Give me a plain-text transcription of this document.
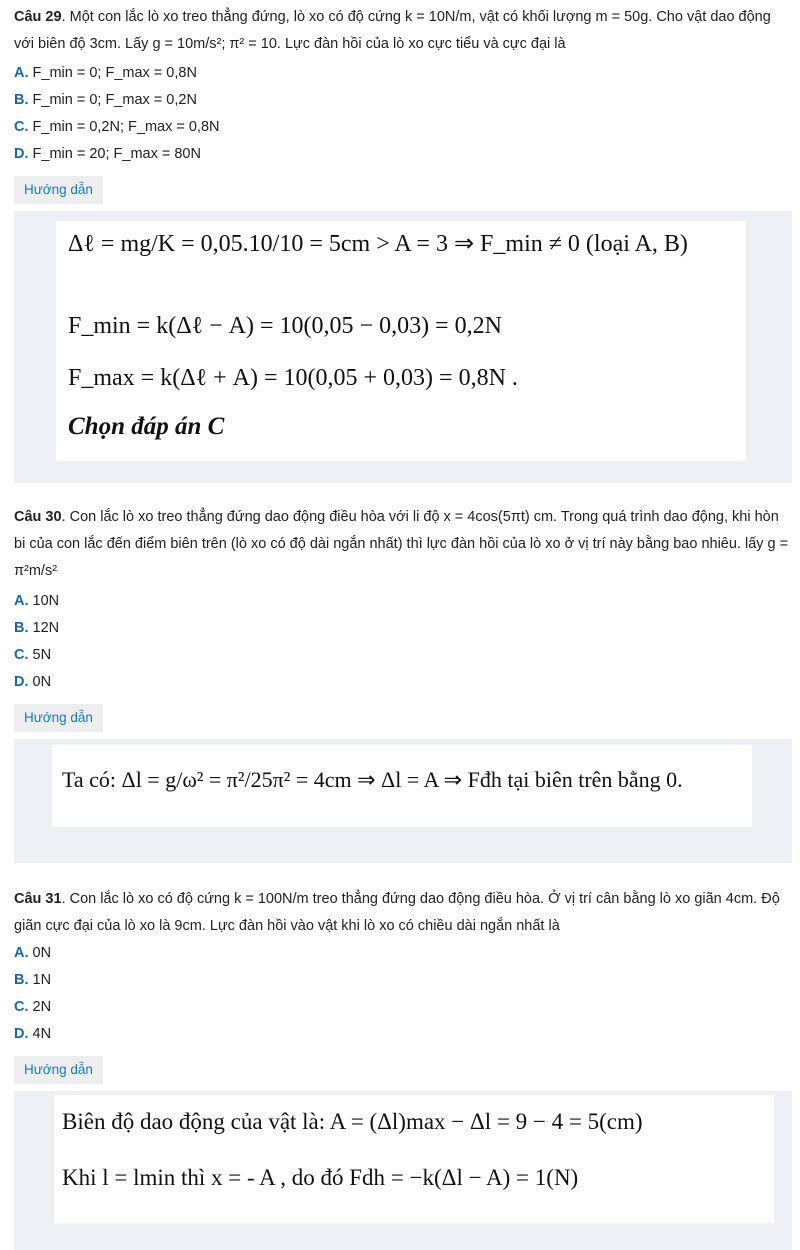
Câu 29. Một con lắc lò xo treo thẳng đứng, lò xo có độ cứng k = 10N/m, vật có khối lượng m = 50g. Cho vật dao động với biên độ 3cm. Lấy g = 10m/s²; π² = 10. Lực đàn hồi của lò xo cực tiểu và cực đại là
A. F_min = 0; F_max = 0,8N
B. F_min = 0; F_max = 0,2N
C. F_min = 0,2N; F_max = 0,8N
D. F_min = 20; F_max = 80N
Hướng dẫn
Δℓ = mg/K = 0,05.10/10 = 5cm > A = 3 ⇒ F_min ≠ 0 (loại A, B)
F_min = k(Δℓ − A) = 10(0,05 − 0,03) = 0,2N
F_max = k(Δℓ + A) = 10(0,05 + 0,03) = 0,8N .
Chọn đáp án C
Câu 30. Con lắc lò xo treo thẳng đứng dao động điều hòa với li độ x = 4cos(5πt) cm. Trong quá trình dao động, khi hòn bi của con lắc đến điểm biên trên (lò xo có độ dài ngắn nhất) thì lực đàn hồi của lò xo ở vị trí này bằng bao nhiêu. lấy g = π²m/s²
A. 10N
B. 12N
C. 5N
D. 0N
Hướng dẫn
Ta có: Δl = g/ω² = π²/25π² = 4cm ⇒ Δl = A ⇒ Fđh tại biên trên bằng 0.
Câu 31. Con lắc lò xo có độ cứng k = 100N/m treo thẳng đứng dao động điều hòa. Ở vị trí cân bằng lò xo giãn 4cm. Độ giãn cực đại của lò xo là 9cm. Lực đàn hồi vào vật khi lò xo có chiều dài ngắn nhất là
A. 0N
B. 1N
C. 2N
D. 4N
Hướng dẫn
Biên độ dao động của vật là: A = (Δl)max − Δl = 9 − 4 = 5(cm)
Khi l = lmin thì x = - A , do đó Fdh = −k(Δl − A) = 1(N)
